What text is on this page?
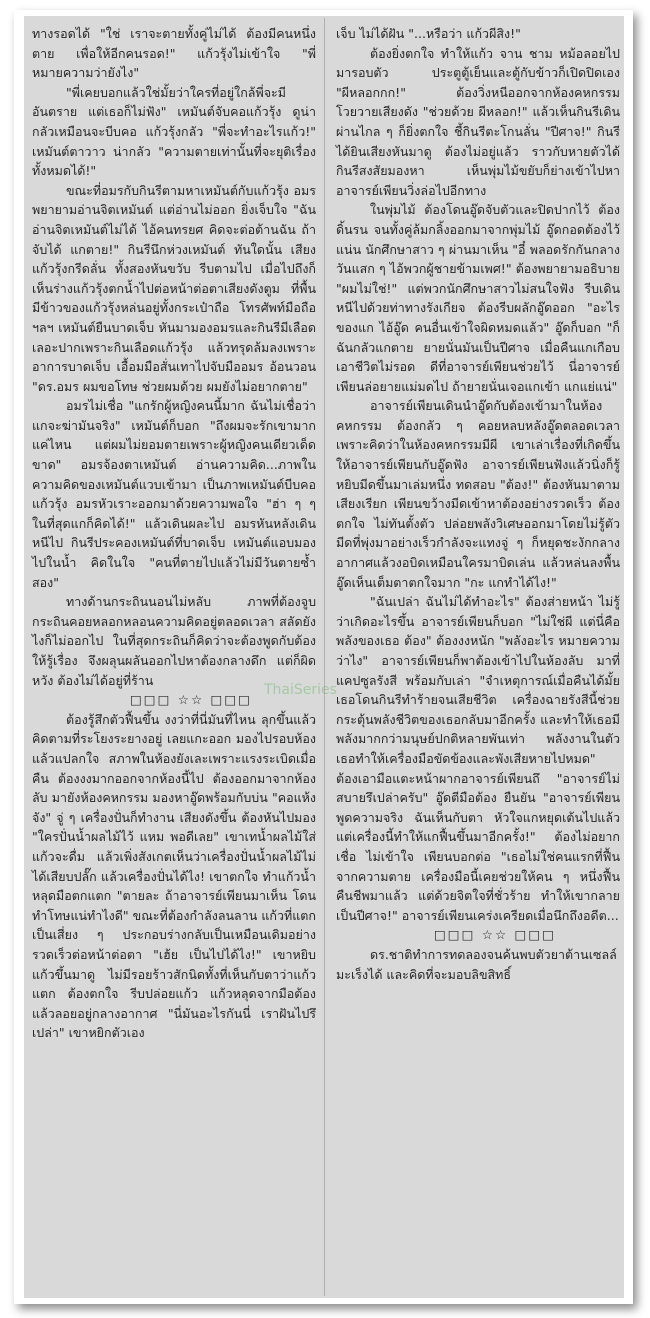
ทางรอดได้ "ใช่ เราจะตายทั้งคู่ไม่ได้ ต้องมีคนหนึ่งตาย เพื่อให้อีกคนรอด!" แก้วรุ้งไม่เข้าใจ "พี่หมายความว่ายังไง"

"พี่เคยบอกแล้วใช่มั้ยว่าใครที่อยู่ใกล้พี่จะมีอันตราย แต่เธอก็ไม่ฟัง" เหมันต์จับคอแก้วรุ้ง ดูน่ากลัวเหมือนจะบีบคอ แก้วรุ้งกลัว "พี่จะทำอะไรแก้ว!" เหมันต์ตาวาว น่ากลัว "ความตายเท่านั้นที่จะยุติเรื่องทั้งหมดได้!"

ขณะที่อมรกับกินรีตามหาเหมันต์กับแก้วรุ้ง อมรพยายามอ่านจิตเหมันต์ แต่อ่านไม่ออก ยิ่งเจ็บใจ "ฉันอ่านจิตเหมันต์ไม่ได้ ไอ้คนทรยศ คิดจะต่อต้านฉัน ถ้าจับได้ แกตาย!" กินรีนึกห่วงเหมันต์ ทันใดนั้น เสียงแก้วรุ้งกรีดลั่น ทั้งสองหันขวับ รีบตามไป เมื่อไปถึงก็เห็นร่างแก้วรุ้งตกน้ำไปต่อหน้าต่อตาเสียงดังตูม ที่พื้นมีข้าวของแก้วรุ้งหล่นอยู่ทั้งกระเป๋าถือ โทรศัพท์มือถือฯลฯ เหมันต์ยืนบาดเจ็บ หันมามองอมรและกินรีมีเลือดเลอะปากเพราะกินเลือดแก้วรุ้ง แล้วทรุดล้มลงเพราะอาการบาดเจ็บ เอื้อมมือสั่นเทาไปจับมืออมร อ้อนวอน "ดร.อมร ผมขอโทษ ช่วยผมด้วย ผมยังไม่อยากตาย"

อมรไม่เชื่อ "แกรักผู้หญิงคนนี้มาก ฉันไม่เชื่อว่าแกจะฆ่ามันจริง" เหมันต์ก็บอก "ถึงผมจะรักเขามากแค่ไหน แต่ผมไม่ยอมตายเพราะผู้หญิงคนเดียวเด็ดขาด" อมรจ้องตาเหมันต์ อ่านความคิด...ภาพในความคิดของเหมันต์แวบเข้ามา เป็นภาพเหมันต์บีบคอแก้วรุ้ง อมรหัวเราะออกมาด้วยความพอใจ "ฮ่า ๆ ๆ ในที่สุดแกก็คิดได้!" แล้วเดินผละไป อมรหันหลังเดินหนีไป กินรีประคองเหมันต์ที่บาดเจ็บ เหมันต์แอบมองไปในน้ำ คิดในใจ "คนที่ตายไปแล้วไม่มีวันตายซ้ำสอง"

ทางด้านกระถินนอนไม่หลับ ภาพที่ต้องจูบกระถินคอยหลอกหลอนความคิดอยู่ตลอดเวลา สลัดยังไงก็ไม่ออกไป ในที่สุดกระถินก็คิดว่าจะต้องพูดกับต้องให้รู้เรื่อง จึงผลุนผลันออกไปหาต้องกลางดึก แต่ก็ผิดหวัง ต้องไม่ได้อยู่ที่ร้าน

□□□ ☆☆ □□□

ต้องรู้สึกตัวฟื้นขึ้น งงว่าที่นี่มันที่ไหน ลุกขึ้นแล้วคิดตามที่ระโยงระยางอยู่ เลยแกะออก มองไปรอบห้องแล้วแปลกใจ สภาพในห้องยังเละเพราะแรงระเบิดเมื่อคืน ต้องงงมากออกจากห้องนี้ไป ต้องออกมาจากห้องลับ มายังห้องคหกรรม มองหาอู๊ดพร้อมกับบ่น "คอแห้งจัง" จู่ ๆ เครื่องปั่นก็ทำงาน เสียงดังขึ้น ต้องหันไปมอง "ใครปั่นน้ำผลไม้ไว้ แหม พอดีเลย" เขาเทน้ำผลไม้ใส่แก้วจะดื่ม แล้วเพิ่งสังเกตเห็นว่าเครื่องปั่นน้ำผลไม้ไม่ได้เสียบปลั๊ก แล้วเครื่องปั่นได้ไง! เขาตกใจ ทำแก้วน้ำหลุดมือตกแตก "ตายละ ถ้าอาจารย์เพียนมาเห็น โดนทำโทษแน่ทำไงดี" ขณะที่ต้องกำลังลนลาน แก้วที่แตกเป็นเสี่ยง ๆ ประกอบร่างกลับเป็นเหมือนเดิมอย่างรวดเร็วต่อหน้าต่อตา "เฮ้ย เป็นไปได้ไง!" เขาหยิบแก้วขึ้นมาดู ไม่มีรอยร้าวสักนิดทั้งที่เห็นกับตาว่าแก้วแตก ต้องตกใจ รีบปล่อยแก้ว แก้วหลุดจากมือต้อง แล้วลอยอยู่กลางอากาศ "นี่มันอะไรกันนี่ เราฝันไปรึเปล่า" เขาหยิกตัวเอง

เจ็บ ไม่ได้ฝัน "...หรือว่า แก้วผีสิง!"

ต้องยิ่งตกใจ ทำให้แก้ว จาน ชาม หม้อลอยไปมารอบตัว ประตูตู้เย็นและตู้กับข้าวก็เปิดปิดเอง "ผีหลอกกก!" ต้องวิ่งหนีออกจากห้องคหกรรม โวยวายเสียงดัง "ช่วยด้วย ผีหลอก!" แล้วเห็นกินรีเดินผ่านไกล ๆ ก็ยิ่งตกใจ ชี้กินรีตะโกนลั่น "ปีศาจ!" กินรีได้ยินเสียงหันมาดู ต้องไม่อยู่แล้ว ราวกับหายตัวได้ กินรีสงสัยมองหา เห็นพุ่มไม้ขยับก็ย่างเข้าไปหา อาจารย์เพียนวิ่งล่อไปอีกทาง

ในพุ่มไม้ ต้องโดนอู๊ดจับตัวและปิดปากไว้ ต้องดิ้นรน จนทั้งคู่ล้มกลิ้งออกมาจากพุ่มไม้ อู๊ดกอดต้องไว้แน่น นักศึกษาสาว ๆ ผ่านมาเห็น "อี๋ พลอดรักกันกลางวันแสก ๆ ไอ้พวกผู้ชายข้ามเพศ!" ต้องพยายามอธิบาย "ผมไม่ใช่!" แต่พวกนักศึกษาสาวไม่สนใจฟัง รีบเดินหนีไปด้วยท่าทางรังเกียจ ต้องรีบผลักอู๊ดออก "อะไรของแก ไอ้อู๊ด คนอื่นเข้าใจผิดหมดแล้ว" อู๊ดก็บอก "ก็ฉันกลัวแกตาย ยายนั่นมันเป็นปีศาจ เมื่อคืนแกเกือบเอาชีวิตไม่รอด ดีที่อาจารย์เพียนช่วยไว้ นี่อาจารย์เพียนล่อยายแม่มดไป ถ้ายายนั่นเจอแกเข้า แกแย่แน่"

อาจารย์เพียนเดินนำอู๊ดกับต้องเข้ามาในห้องคหกรรม ต้องกลัว ๆ คอยหลบหลังอู๊ดตลอดเวลา เพราะคิดว่าในห้องคหกรรมมีผี เขาเล่าเรื่องที่เกิดขึ้นให้อาจารย์เพียนกับอู๊ดฟัง อาจารย์เพียนฟังแล้วนิ่งก็รู้ หยิบมีดขึ้นมาเล่มหนึ่ง ทดสอบ "ต้อง!" ต้องหันมาตามเสียงเรียก เพียนขว้างมีดเข้าหาต้องอย่างรวดเร็ว ต้องตกใจ ไม่ทันตั้งตัว ปล่อยพลังวิเศษออกมาโดยไม่รู้ตัว มีดที่พุ่งมาอย่างเร็วกำลังจะแทงจู่ ๆ ก็หยุดชะงักกลางอากาศแล้วงอบิดเหมือนใครมาบิดเล่น แล้วหล่นลงพื้น อู๊ดเห็นเต็มตาตกใจมาก "กะ แกทำได้ไง!"

"ฉันเปล่า ฉันไม่ได้ทำอะไร" ต้องส่ายหน้า ไม่รู้ว่าเกิดอะไรขึ้น อาจารย์เพียนก็บอก "ไม่ใช่ผี แต่นี่คือพลังของเธอ ต้อง" ต้องงงหนัก "พลังอะไร หมายความว่าไง" อาจารย์เพียนก็พาต้องเข้าไปในห้องลับ มาที่แคปซูลรังสี พร้อมกับเล่า "จำเหตุการณ์เมื่อคืนได้มั้ย เธอโดนกินรีทำร้ายจนเสียชีวิต เครื่องฉายรังสีนี้ช่วยกระตุ้นพลังชีวิตของเธอกลับมาอีกครั้ง และทำให้เธอมีพลังมากกว่ามนุษย์ปกติหลายพันเท่า พลังงานในตัวเธอทำให้เครื่องมือขัดข้องและพังเสียหายไปหมด" ต้องเอามือแตะหน้าผากอาจารย์เพียนถึ "อาจารย์ไม่สบายรึเปล่าครับ" อู๊ดตีมือต้อง ยืนยัน "อาจารย์เพียนพูดความจริง ฉันเห็นกับตา หัวใจแกหยุดเต้นไปแล้ว แต่เครื่องนี้ทำให้แกฟื้นขึ้นมาอีกครั้ง!" ต้องไม่อยากเชื่อ ไม่เข้าใจ เพียนบอกต่อ "เธอไม่ใช่คนแรกที่ฟื้นจากความตาย เครื่องมือนี้เคยช่วยให้คน ๆ หนึ่งฟื้นคืนชีพมาแล้ว แต่ด้วยจิตใจที่ชั่วร้าย ทำให้เขากลายเป็นปีศาจ!" อาจารย์เพียนเคร่งเครียดเมื่อนึกถึงอดีต...

□□□ ☆☆ □□□

ดร.ชาติทำการทดลองจนค้นพบตัวยาต้านเซลล์มะเร็งได้ และคิดที่จะมอบลิขสิทธิ์

ThaiSeries
